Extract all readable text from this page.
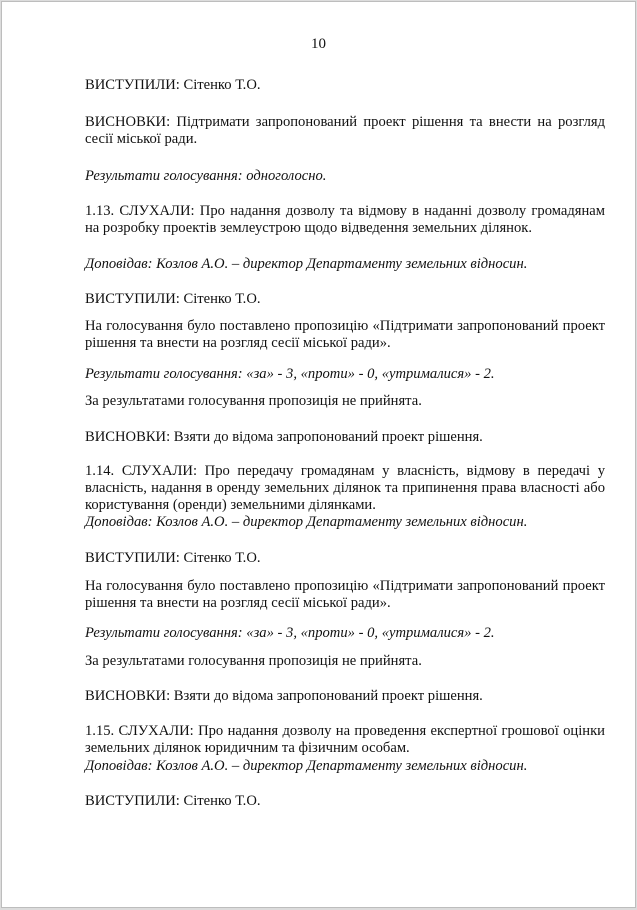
10
ВИСТУПИЛИ: Сітенко Т.О.
ВИСНОВКИ: Підтримати запропонований проект рішення та внести на розгляд сесії міської ради.
Результати голосування: одноголосно.
1.13. СЛУХАЛИ: Про надання дозволу та відмову в наданні дозволу громадянам на розробку проектів землеустрою щодо відведення земельних ділянок.
Доповідав: Козлов А.О. – директор Департаменту земельних відносин.
ВИСТУПИЛИ: Сітенко Т.О.
На голосування було поставлено пропозицію «Підтримати запропонований проект рішення та внести на розгляд сесії міської ради».
Результати голосування: «за» - 3, «проти» - 0, «утрималися» - 2.
За результатами голосування пропозиція не прийнята.
ВИСНОВКИ: Взяти до відома запропонований проект рішення.
1.14. СЛУХАЛИ: Про передачу громадянам у власність, відмову в передачі у власність, надання в оренду земельних ділянок та припинення права власності або користування (оренди) земельними ділянками.
Доповідав: Козлов А.О. – директор Департаменту земельних відносин.
ВИСТУПИЛИ: Сітенко Т.О.
На голосування було поставлено пропозицію «Підтримати запропонований проект рішення та внести на розгляд сесії міської ради».
Результати голосування: «за» - 3, «проти» - 0, «утрималися» - 2.
За результатами голосування пропозиція не прийнята.
ВИСНОВКИ: Взяти до відома запропонований проект рішення.
1.15. СЛУХАЛИ: Про надання дозволу на проведення експертної грошової оцінки земельних ділянок юридичним та фізичним особам.
Доповідав: Козлов А.О. – директор Департаменту земельних відносин.
ВИСТУПИЛИ: Сітенко Т.О.
